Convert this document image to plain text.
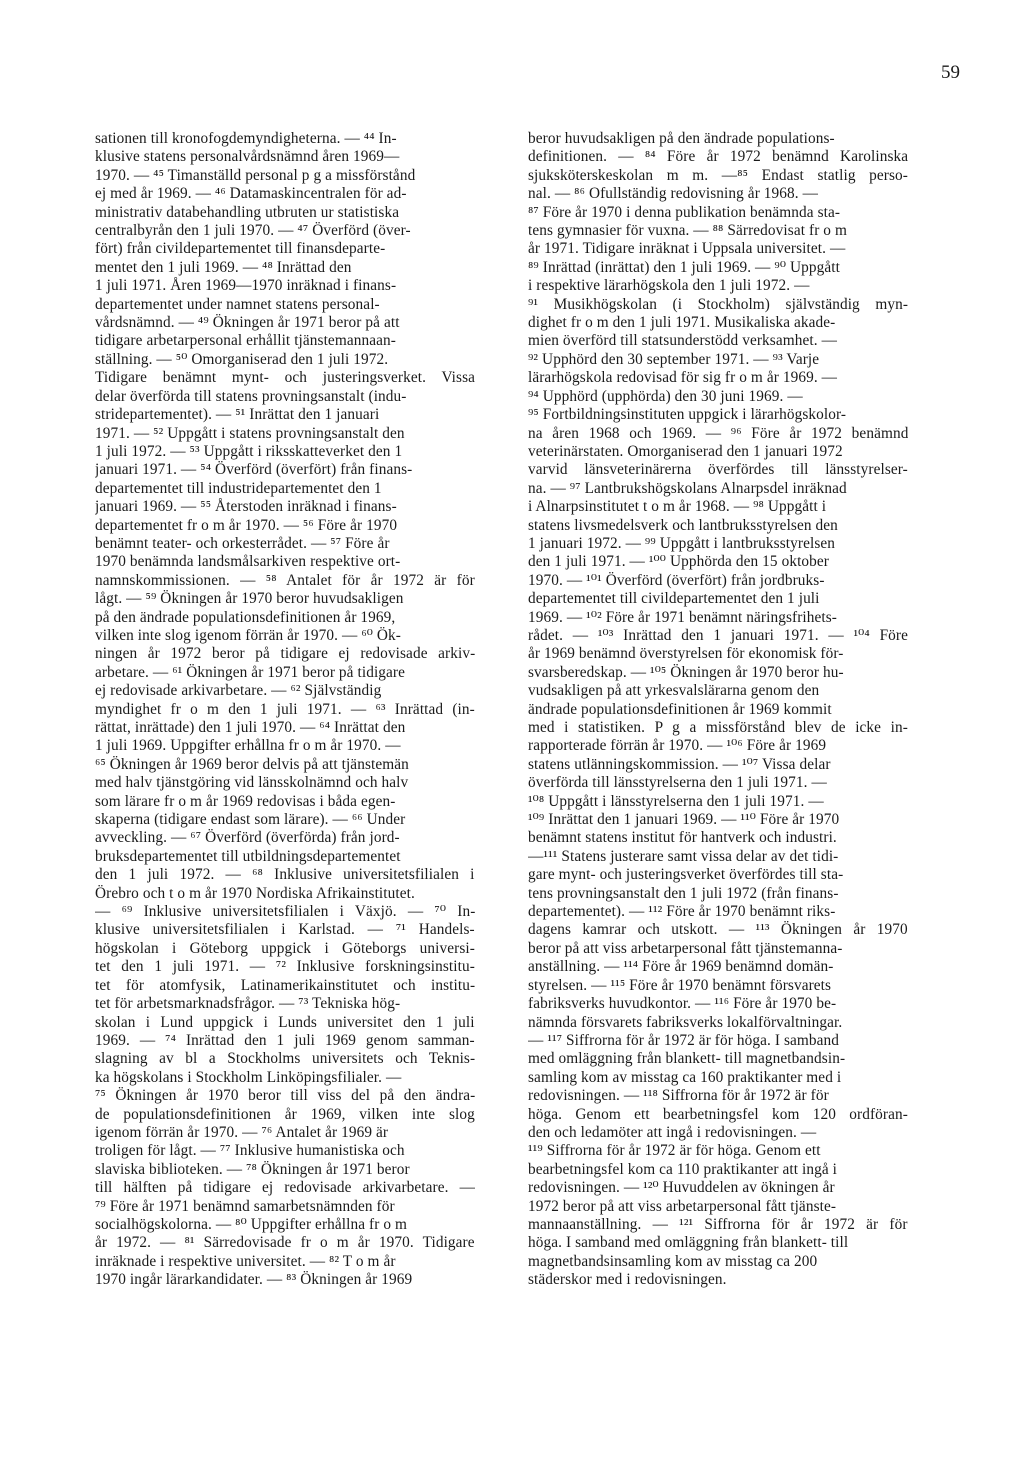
59
sationen till kronofogdemyndigheterna. — ⁴⁴ In-
klusive statens personalvårdsnämnd åren 1969—
1970. — ⁴⁵ Timanställd personal p g a missförstånd
ej med år 1969. — ⁴⁶ Datamaskincentralen för ad-
ministrativ databehandling utbruten ur statistiska
centralbyrån den 1 juli 1970. — ⁴⁷ Överförd (över-
fört) från civildepartementet till finansdeparte-
mentet den 1 juli 1969. — ⁴⁸ Inrättad den
1 juli 1971. Åren 1969—1970 inräknad i finans-
departementet under namnet statens personal-
vårdsnämnd. — ⁴⁹ Ökningen år 1971 beror på att
tidigare arbetarpersonal erhållit tjänstemannaan-
ställning. — ⁵⁰ Omorganiserad den 1 juli 1972.
Tidigare benämnt mynt- och justeringsverket. Vissa
delar överförda till statens provningsanstalt (indu-
stridepartementet). — ⁵¹ Inrättat den 1 januari
1971. — ⁵² Uppgått i statens provningsanstalt den
1 juli 1972. — ⁵³ Uppgått i riksskatteverket den 1
januari 1971. — ⁵⁴ Överförd (överfört) från finans-
departementet till industridepartementet den 1
januari 1969. — ⁵⁵ Återstoden inräknad i finans-
departementet fr o m år 1970. — ⁵⁶ Före år 1970
benämnt teater- och orkesterrådet. — ⁵⁷ Före år
1970 benämnda landsmålsarkiven respektive ort-
namnskommissionen. — ⁵⁸ Antalet för år 1972 är för
lågt. — ⁵⁹ Ökningen år 1970 beror huvudsakligen
på den ändrade populationsdefinitionen år 1969,
vilken inte slog igenom förrän år 1970. — ⁶⁰ Ök-
ningen år 1972 beror på tidigare ej redovisade arkiv-
arbetare. — ⁶¹ Ökningen år 1971 beror på tidigare
ej redovisade arkivarbetare. — ⁶² Självständig
myndighet fr o m den 1 juli 1971. — ⁶³ Inrättad (in-
rättat, inrättade) den 1 juli 1970. — ⁶⁴ Inrättat den
1 juli 1969. Uppgifter erhållna fr o m år 1970. —
⁶⁵ Ökningen år 1969 beror delvis på att tjänstemän
med halv tjänstgöring vid länsskolnämnd och halv
som lärare fr o m år 1969 redovisas i båda egen-
skaperna (tidigare endast som lärare). — ⁶⁶ Under
avveckling. — ⁶⁷ Överförd (överförda) från jord-
bruksdepartementet till utbildningsdepartementet
den 1 juli 1972. — ⁶⁸ Inklusive universitetsfilialen i
Örebro och t o m år 1970 Nordiska Afrikainstitutet.
— ⁶⁹ Inklusive universitetsfilialen i Växjö. — ⁷⁰ In-
klusive universitetsfilialen i Karlstad. — ⁷¹ Handels-
högskolan i Göteborg uppgick i Göteborgs universi-
tet den 1 juli 1971. — ⁷² Inklusive forskningsinstitu-
tet för atomfysik, Latinamerikainstitutet och institu-
tet för arbetsmarknadsfrågor. — ⁷³ Tekniska hög-
skolan i Lund uppgick i Lunds universitet den 1 juli
1969. — ⁷⁴ Inrättad den 1 juli 1969 genom samman-
slagning av bl a Stockholms universitets och Teknis-
ka högskolans i Stockholm Linköpingsfilialer. —
⁷⁵ Ökningen år 1970 beror till viss del på den ändra-
de populationsdefinitionen år 1969, vilken inte slog
igenom förrän år 1970. — ⁷⁶ Antalet år 1969 är
troligen för lågt. — ⁷⁷ Inklusive humanistiska och
slaviska biblioteken. — ⁷⁸ Ökningen år 1971 beror
till hälften på tidigare ej redovisade arkivarbetare. —
⁷⁹ Före år 1971 benämnd samarbetsnämnden för
socialhögskolorna. — ⁸⁰ Uppgifter erhållna fr o m
år 1972. — ⁸¹ Särredovisade fr o m år 1970. Tidigare
inräknade i respektive universitet. — ⁸² T o m år
1970 ingår lärarkandidater. — ⁸³ Ökningen år 1969
beror huvudsakligen på den ändrade populations-
definitionen. — ⁸⁴ Före år 1972 benämnd Karolinska
sjuksköterskeskolan m m. —⁸⁵ Endast statlig perso-
nal. — ⁸⁶ Ofullständig redovisning år 1968. —
⁸⁷ Före år 1970 i denna publikation benämnda sta-
tens gymnasier för vuxna. — ⁸⁸ Särredovisat fr o m
år 1971. Tidigare inräknat i Uppsala universitet. —
⁸⁹ Inrättad (inrättat) den 1 juli 1969. — ⁹⁰ Uppgått
i respektive lärarhögskola den 1 juli 1972. —
⁹¹ Musikhögskolan (i Stockholm) självständig myn-
dighet fr o m den 1 juli 1971. Musikaliska akade-
mien överförd till statsunderstödd verksamhet. —
⁹² Upphörd den 30 september 1971. — ⁹³ Varje
lärarhögskola redovisad för sig fr o m år 1969. —
⁹⁴ Upphörd (upphörda) den 30 juni 1969. —
⁹⁵ Fortbildningsinstituten uppgick i lärarhögskolor-
na åren 1968 och 1969. — ⁹⁶ Före år 1972 benämnd
veterinärstaten. Omorganiserad den 1 januari 1972
varvid länsveterinärerna överfördes till länsstyrelser-
na. — ⁹⁷ Lantbrukshögskolans Alnarpsdel inräknad
i Alnarpsinstitutet t o m år 1968. — ⁹⁸ Uppgått i
statens livsmedelsverk och lantbruksstyrelsen den
1 januari 1972. — ⁹⁹ Uppgått i lantbruksstyrelsen
den 1 juli 1971. — ¹⁰⁰ Upphörda den 15 oktober
1970. — ¹⁰¹ Överförd (överfört) från jordbruks-
departementet till civildepartementet den 1 juli
1969. — ¹⁰² Före år 1971 benämnt näringsfrihets-
rådet. — ¹⁰³ Inrättad den 1 januari 1971. — ¹⁰⁴ Före
år 1969 benämnd överstyrelsen för ekonomisk för-
svarsberedskap. — ¹⁰⁵ Ökningen år 1970 beror hu-
vudsakligen på att yrkesvalslärarna genom den
ändrade populationsdefinitionen år 1969 kommit
med i statistiken. P g a missförstånd blev de icke in-
rapporterade förrän år 1970. — ¹⁰⁶ Före år 1969
statens utlänningskommission. — ¹⁰⁷ Vissa delar
överförda till länsstyrelserna den 1 juli 1971. —
¹⁰⁸ Uppgått i länsstyrelserna den 1 juli 1971. —
¹⁰⁹ Inrättat den 1 januari 1969. — ¹¹⁰ Före år 1970
benämnt statens institut för hantverk och industri.
—¹¹¹ Statens justerare samt vissa delar av det tidi-
gare mynt- och justeringsverket överfördes till sta-
tens provningsanstalt den 1 juli 1972 (från finans-
departementet). — ¹¹² Före år 1970 benämnt riks-
dagens kamrar och utskott. — ¹¹³ Ökningen år 1970
beror på att viss arbetarpersonal fått tjänstemanna-
anställning. — ¹¹⁴ Före år 1969 benämnd domän-
styrelsen. — ¹¹⁵ Före år 1970 benämnt försvarets
fabriksverks huvudkontor. — ¹¹⁶ Före år 1970 be-
nämnda försvarets fabriksverks lokalförvaltningar.
— ¹¹⁷ Siffrorna för år 1972 är för höga. I samband
med omläggning från blankett- till magnetbandsin-
samling kom av misstag ca 160 praktikanter med i
redovisningen. — ¹¹⁸ Siffrorna för år 1972 är för
höga. Genom ett bearbetningsfel kom 120 ordföran-
den och ledamöter att ingå i redovisningen. —
¹¹⁹ Siffrorna för år 1972 är för höga. Genom ett
bearbetningsfel kom ca 110 praktikanter att ingå i
redovisningen. — ¹²⁰ Huvuddelen av ökningen år
1972 beror på att viss arbetarpersonal fått tjänste-
mannaanställning. — ¹²¹ Siffrorna för år 1972 är för
höga. I samband med omläggning från blankett- till
magnetbandsinsamling kom av misstag ca 200
städerskor med i redovisningen.
